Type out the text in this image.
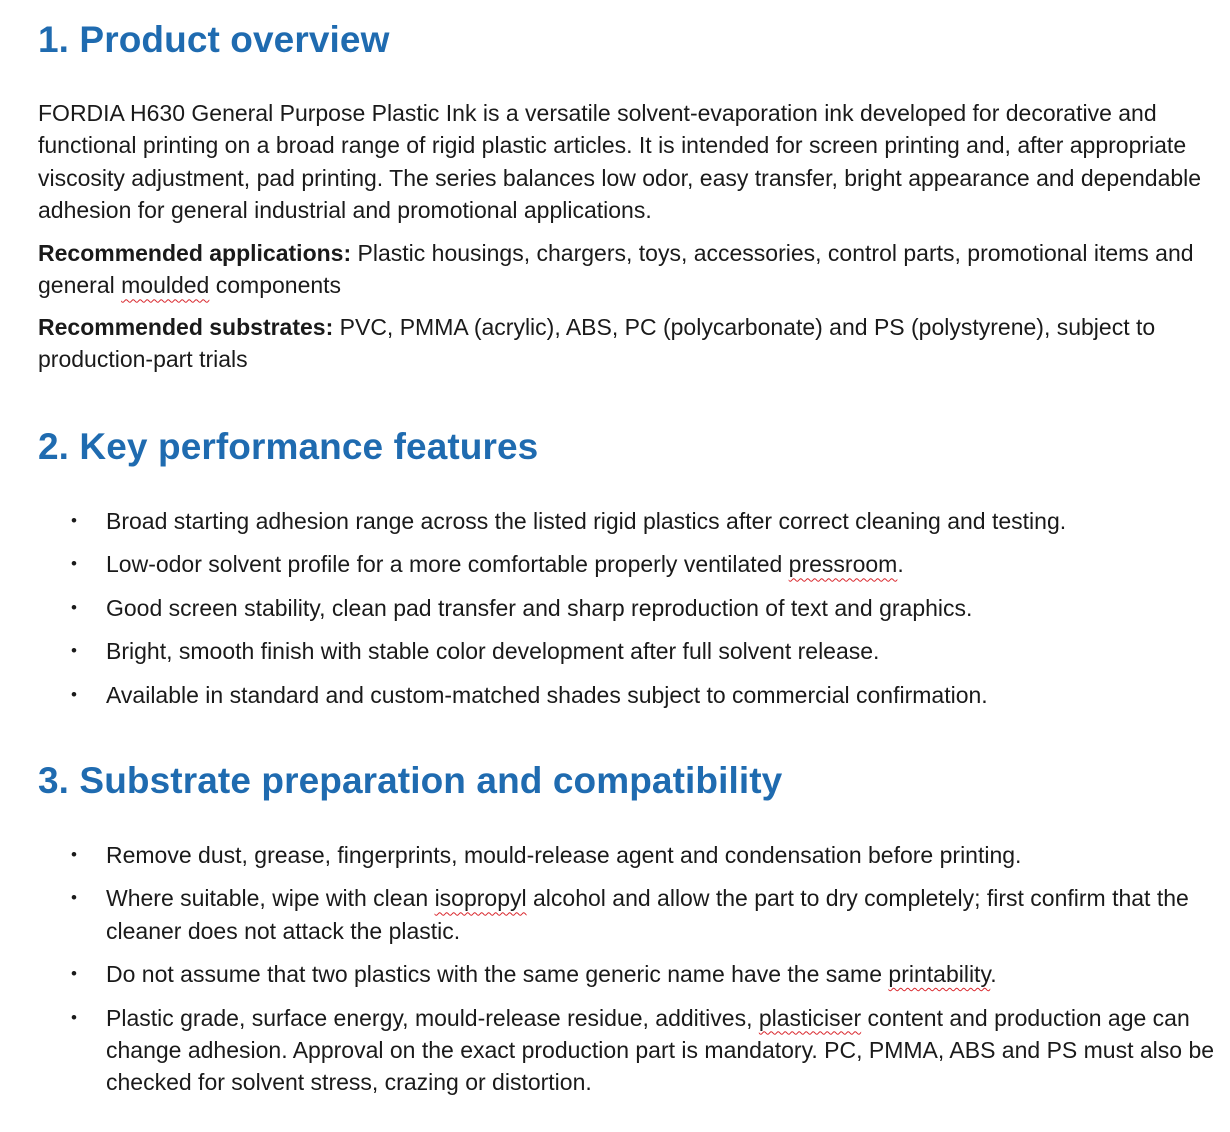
1. Product overview

FORDIA H630 General Purpose Plastic Ink is a versatile solvent-evaporation ink developed for decorative and functional printing on a broad range of rigid plastic articles. It is intended for screen printing and, after appropriate viscosity adjustment, pad printing. The series balances low odor, easy transfer, bright appearance and dependable adhesion for general industrial and promotional applications.

Recommended applications: Plastic housings, chargers, toys, accessories, control parts, promotional items and general moulded components

Recommended substrates: PVC, PMMA (acrylic), ABS, PC (polycarbonate) and PS (polystyrene), subject to production-part trials

2. Key performance features
• Broad starting adhesion range across the listed rigid plastics after correct cleaning and testing.
• Low-odor solvent profile for a more comfortable properly ventilated pressroom.
• Good screen stability, clean pad transfer and sharp reproduction of text and graphics.
• Bright, smooth finish with stable color development after full solvent release.
• Available in standard and custom-matched shades subject to commercial confirmation.
3. Substrate preparation and compatibility
• Remove dust, grease, fingerprints, mould-release agent and condensation before printing.
• Where suitable, wipe with clean isopropyl alcohol and allow the part to dry completely; first confirm that the cleaner does not attack the plastic.
• Do not assume that two plastics with the same generic name have the same printability.
• Plastic grade, surface energy, mould-release residue, additives, plasticiser content and production age can change adhesion. Approval on the exact production part is mandatory. PC, PMMA, ABS and PS must also be checked for solvent stress, crazing or distortion.
